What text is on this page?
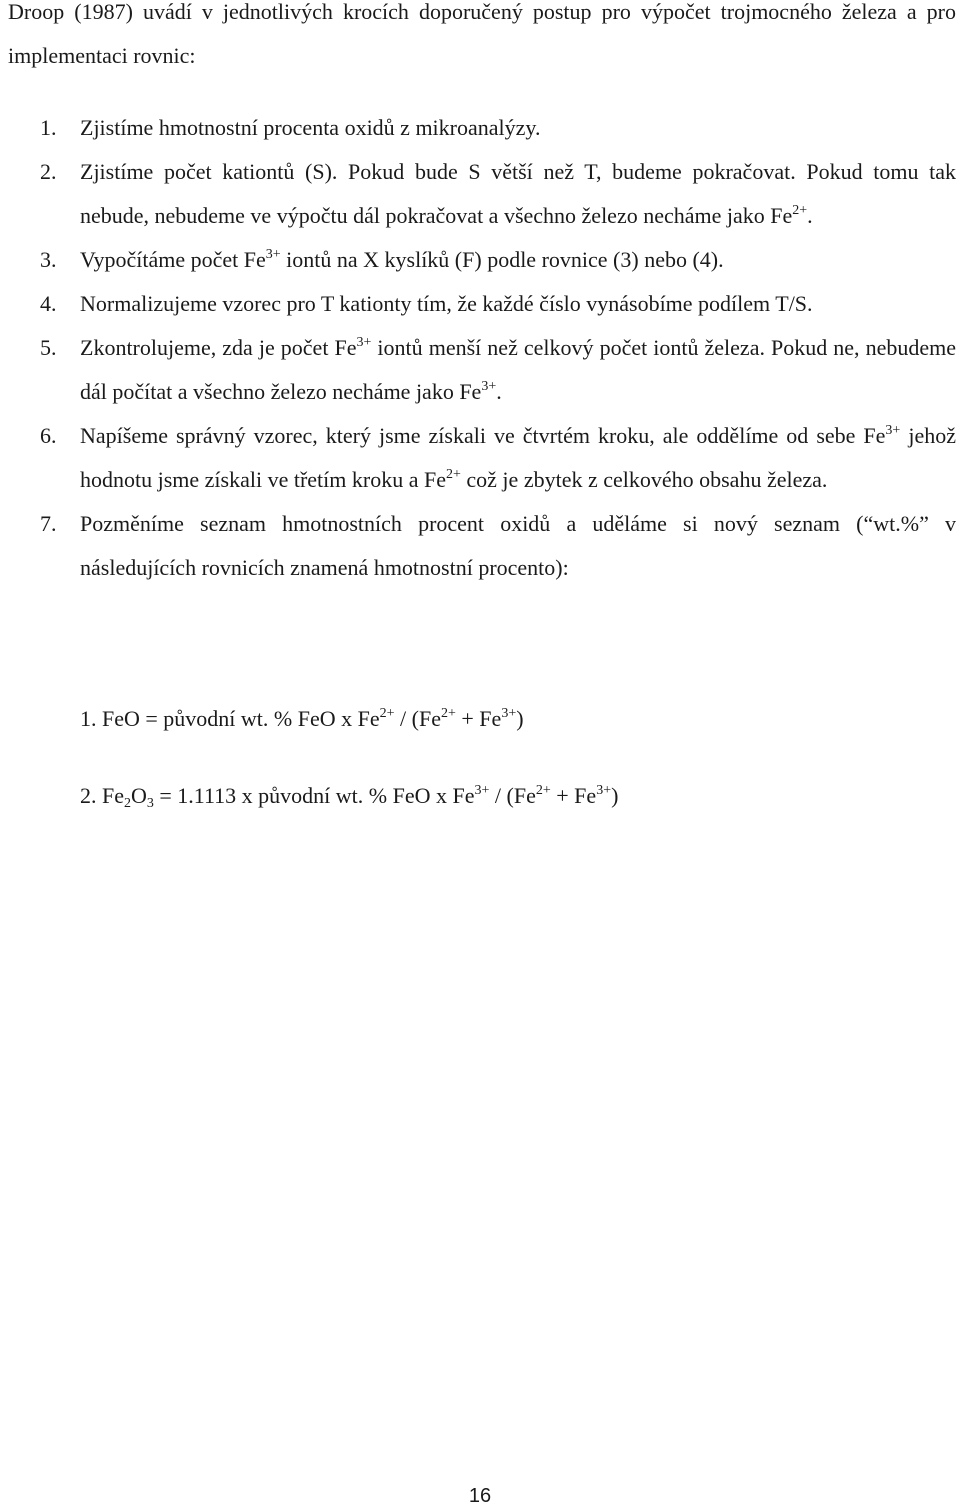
Droop (1987) uvádí v jednotlivých krocích doporučený postup pro výpočet trojmocného železa a pro implementaci rovnic:

1. Zjistíme hmotnostní procenta oxidů z mikroanalýzy.
2. Zjistíme počet kationtů (S). Pokud bude S větší než T, budeme pokračovat. Pokud tomu tak nebude, nebudeme ve výpočtu dál pokračovat a všechno železo necháme jako $Fe^{2+}$.
3. Vypočítáme počet $Fe^{3+}$ iontů na X kyslíků (F) podle rovnice (3) nebo (4).
4. Normalizujeme vzorec pro T kationty tím, že každé číslo vynásobíme podílem T/S.
5. Zkontrolujeme, zda je počet $Fe^{3+}$ iontů menší než celkový počet iontů železa. Pokud ne, nebudeme dál počítat a všechno železo necháme jako $Fe^{3+}$.
6. Napíšeme správný vzorec, který jsme získali ve čtvrtém kroku, ale oddělíme od sebe $Fe^{3+}$ jehož hodnotu jsme získali ve třetím kroku a $Fe^{2+}$ což je zbytek z celkového obsahu železa.
7. Pozměníme seznam hmotnostních procent oxidů a uděláme si nový seznam (“wt.%” v následujících rovnicích znamená hmotnostní procento):
1. FeO = původní wt. % FeO x $Fe^{2+} / (Fe^{2+} + Fe^{3+})$
2. $Fe_2O_3 = 1.1113$ x původní wt. % FeO x $Fe^{3+} / (Fe^{2+} + Fe^{3+})$
16
